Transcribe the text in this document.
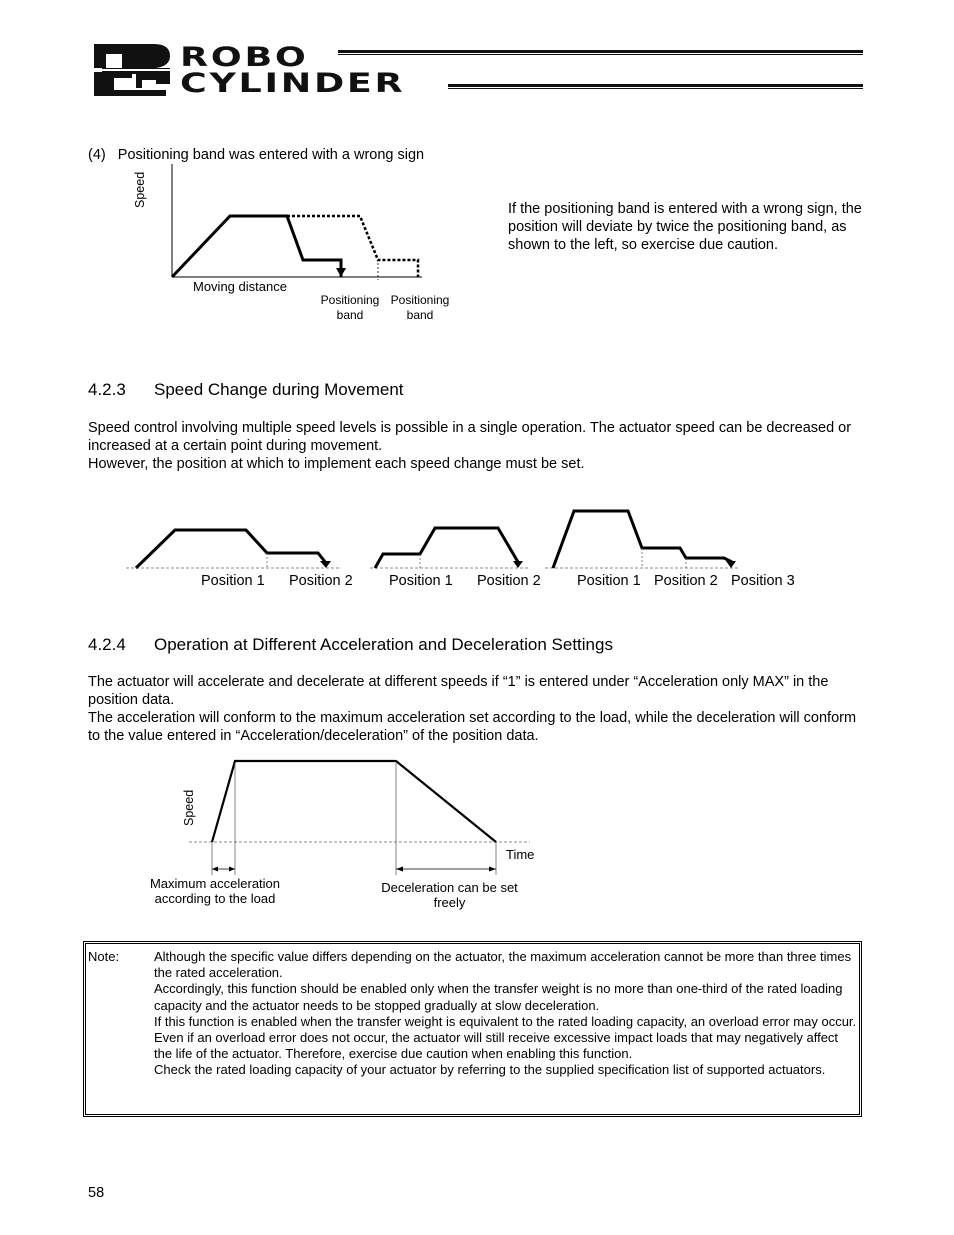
ROBO
CYLINDER
(4)   Positioning band was entered with a wrong sign
Speed
Moving distance
Positioning
band
Positioning
band
If the positioning band is entered with a wrong sign, the position will deviate by twice the positioning band, as shown to the left, so exercise due caution.
4.2.3 Speed Change during Movement
Speed control involving multiple speed levels is possible in a single operation. The actuator speed can be decreased or increased at a certain point during movement.
However, the position at which to implement each speed change must be set.
Position 1 Position 2	Position 1 Position 2	Position 1 Position 2 Position 3
4.2.4 Operation at Different Acceleration and Deceleration Settings
The actuator will accelerate and decelerate at different speeds if “1” is entered under “Acceleration only MAX” in the position data.
The acceleration will conform to the maximum acceleration set according to the load, while the deceleration will conform to the value entered in “Acceleration/deceleration” of the position data.
Speed
Time
Maximum acceleration
according to the load
Deceleration can be set
freely
Note:	Although the specific value differs depending on the actuator, the maximum acceleration cannot be more than three times the rated acceleration.

Accordingly, this function should be enabled only when the transfer weight is no more than one-third of the rated loading capacity and the actuator needs to be stopped gradually at slow deceleration.

If this function is enabled when the transfer weight is equivalent to the rated loading capacity, an overload error may occur.

Even if an overload error does not occur, the actuator will still receive excessive impact loads that may negatively affect the life of the actuator. Therefore, exercise due caution when enabling this function.

Check the rated loading capacity of your actuator by referring to the supplied specification list of supported actuators.

58
